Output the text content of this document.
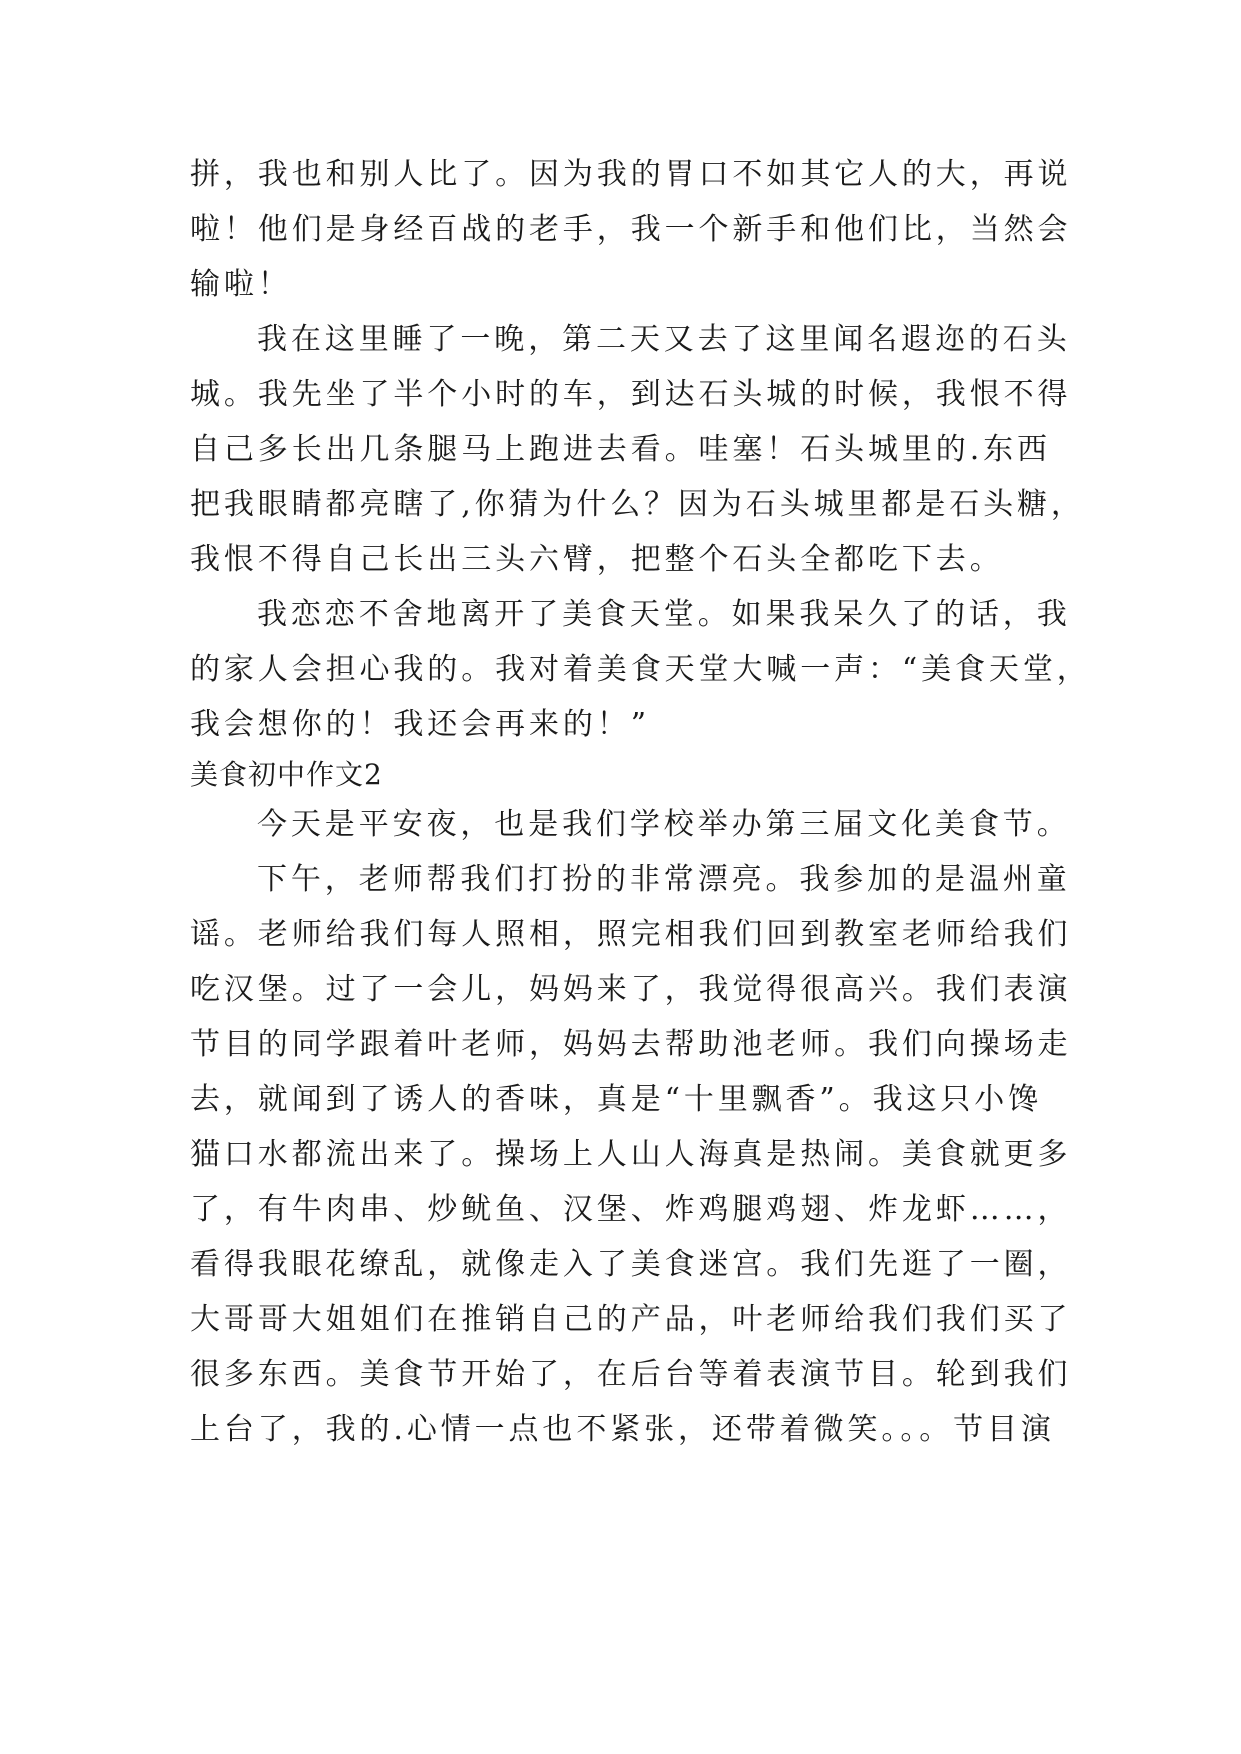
拼，我也和别人比了。因为我的胃口不如其它人的大，再说
啦！他们是身经百战的老手，我一个新手和他们比，当然会
输啦！
我在这里睡了一晚，第二天又去了这里闻名遐迩的石头
城。我先坐了半个小时的车，到达石头城的时候，我恨不得
自己多长出几条腿马上跑进去看。哇塞！石头城里的.东西
把我眼睛都亮瞎了,你猜为什么？因为石头城里都是石头糖，
我恨不得自己长出三头六臂，把整个石头全都吃下去。
我恋恋不舍地离开了美食天堂。如果我呆久了的话，我
的家人会担心我的。我对着美食天堂大喊一声：“美食天堂，
我会想你的！我还会再来的！”
美食初中作文2
今天是平安夜，也是我们学校举办第三届文化美食节。
下午，老师帮我们打扮的非常漂亮。我参加的是温州童
谣。老师给我们每人照相，照完相我们回到教室老师给我们
吃汉堡。过了一会儿，妈妈来了，我觉得很高兴。我们表演
节目的同学跟着叶老师，妈妈去帮助池老师。我们向操场走
去，就闻到了诱人的香味，真是“十里飘香”。我这只小馋
猫口水都流出来了。操场上人山人海真是热闹。美食就更多
了，有牛肉串、炒鱿鱼、汉堡、炸鸡腿鸡翅、炸龙虾……，
看得我眼花缭乱，就像走入了美食迷宫。我们先逛了一圈，
大哥哥大姐姐们在推销自己的产品，叶老师给我们我们买了
很多东西。美食节开始了，在后台等着表演节目。轮到我们
上台了，我的.心情一点也不紧张，还带着微笑。。。节目演
